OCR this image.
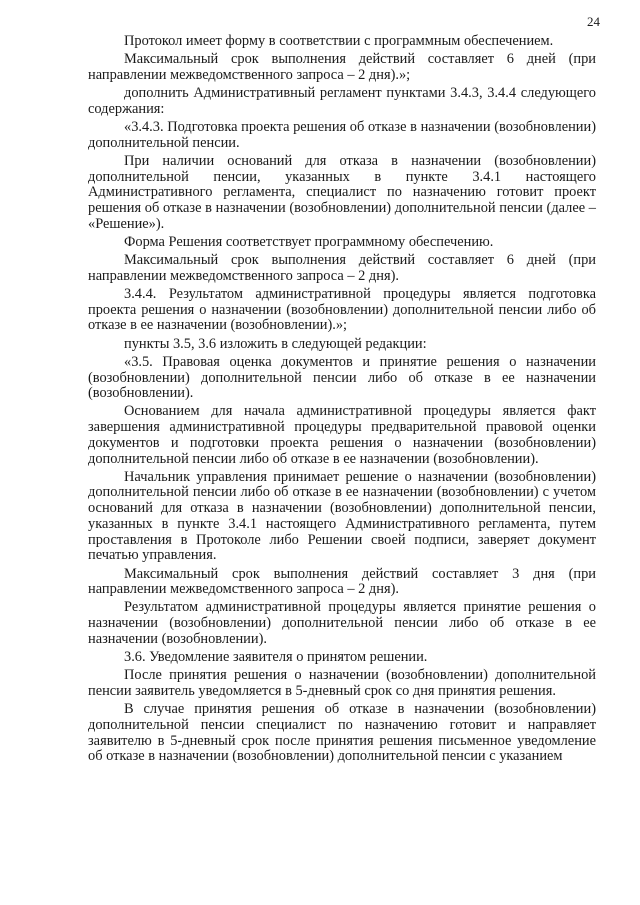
24

Протокол имеет форму в соответствии с программным обеспечением.

Максимальный срок выполнения действий составляет 6 дней (при направлении межведомственного запроса – 2 дня).»;

дополнить Административный регламент пунктами 3.4.3, 3.4.4 следующего содержания:

«3.4.3. Подготовка проекта решения об отказе в назначении (возобновлении) дополнительной пенсии.

При наличии оснований для отказа в назначении (возобновлении) дополнительной пенсии, указанных в пункте 3.4.1 настоящего Административного регламента, специалист по назначению готовит проект решения об отказе в назначении (возобновлении) дополнительной пенсии (далее – «Решение»).

Форма Решения соответствует программному обеспечению.

Максимальный срок выполнения действий составляет 6 дней (при направлении межведомственного запроса – 2 дня).

3.4.4. Результатом административной процедуры является подготовка проекта решения о назначении (возобновлении) дополнительной пенсии либо об отказе в ее назначении (возобновлении).»;

пункты 3.5, 3.6 изложить в следующей редакции:

«3.5. Правовая оценка документов и принятие решения о назначении (возобновлении) дополнительной пенсии либо об отказе в ее назначении (возобновлении).

Основанием для начала административной процедуры является факт завершения административной процедуры предварительной правовой оценки документов и подготовки проекта решения о назначении (возобновлении) дополнительной пенсии либо об отказе в ее назначении (возобновлении).

Начальник управления принимает решение о назначении (возобновлении) дополнительной пенсии либо об отказе в ее назначении (возобновлении) с учетом оснований для отказа в назначении (возобновлении) дополнительной пенсии, указанных в пункте 3.4.1 настоящего Административного регламента, путем проставления в Протоколе либо Решении своей подписи, заверяет документ печатью управления.

Максимальный срок выполнения действий составляет 3 дня (при направлении межведомственного запроса – 2 дня).

Результатом административной процедуры является принятие решения о назначении (возобновлении) дополнительной пенсии либо об отказе в ее назначении (возобновлении).

3.6. Уведомление заявителя о принятом решении.

После принятия решения о назначении (возобновлении) дополнительной пенсии заявитель уведомляется в 5-дневный срок со дня принятия решения.

В случае принятия решения об отказе в назначении (возобновлении) дополнительной пенсии специалист по назначению готовит и направляет заявителю в 5-дневный срок после принятия решения письменное уведомление об отказе в назначении (возобновлении) дополнительной пенсии с указанием
